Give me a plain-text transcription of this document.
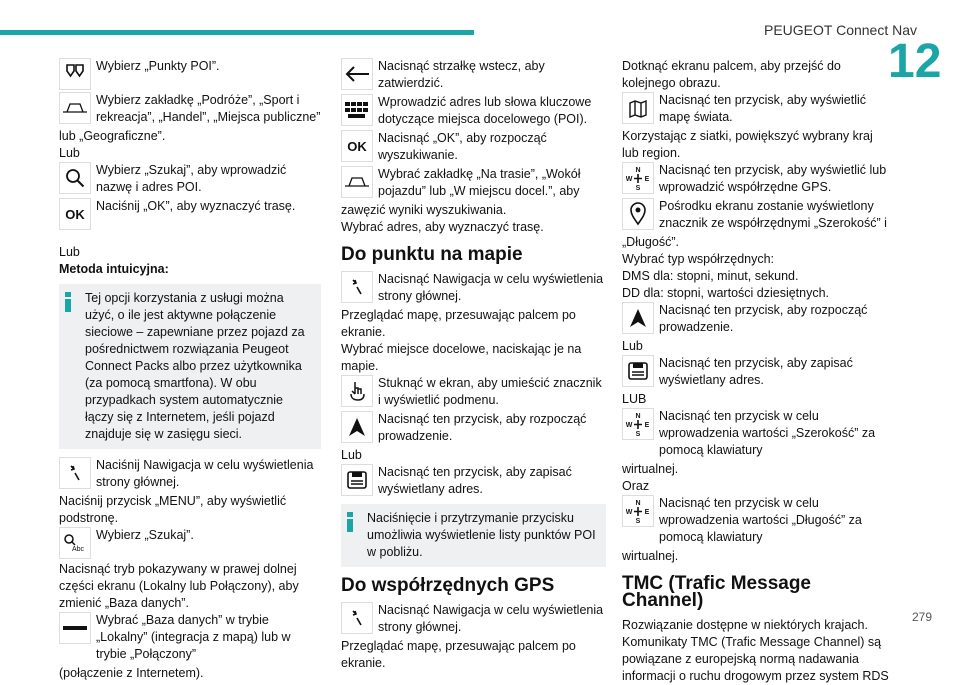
PEUGEOT Connect Nav
12
Wybierz „Punkty POI”.
Wybierz zakładkę „Podróże”, „Sport i rekreacja”, „Handel”, „Miejsca publiczne”

lub „Geograficzne”.

Lub

Wybierz „Szukaj”, aby wprowadzić nazwę i adres POI.
OK
Naciśnij „OK”, aby wyznaczyć trasę.

Lub

Metoda intuicyjna:

Tej opcji korzystania z usługi można użyć, o ile jest aktywne połączenie sieciowe – zapewniane przez pojazd za pośrednictwem rozwiązania Peugeot Connect Packs albo przez użytkownika (za pomocą smartfona). W obu przypadkach system automatycznie łączy się z Internetem, jeśli pojazd znajduje się w zasięgu sieci.

Naciśnij Nawigacja w celu wyświetlenia strony głównej.

Naciśnij przycisk „MENU”, aby wyświetlić podstronę.

Abc
Wybierz „Szukaj”.

Nacisnąć tryb pokazywany w prawej dolnej części ekranu (Lokalny lub Połączony), aby zmienić „Baza danych”.

Wybrać „Baza danych” w trybie „Lokalny” (integracja z mapą) lub w trybie „Połączony”

(połączenie z Internetem).

Nacisnąć strzałkę wstecz, aby zatwierdzić.
Wprowadzić adres lub słowa kluczowe dotyczące miejsca docelowego (POI).
OK
Nacisnąć „OK”, aby rozpocząć wyszukiwanie.
Wybrać zakładkę „Na trasie”, „Wokół pojazdu” lub „W miejscu docel.”, aby

zawęzić wyniki wyszukiwania.

Wybrać adres, aby wyznaczyć trasę.

Do punktu na mapie
Nacisnąć Nawigacja w celu wyświetlenia strony głównej.

Przeglądać mapę, przesuwając palcem po ekranie.

Wybrać miejsce docelowe, naciskając je na mapie.

Stuknąć w ekran, aby umieścić znacznik i wyświetlić podmenu.
Nacisnąć ten przycisk, aby rozpocząć prowadzenie.

Lub

Nacisnąć ten przycisk, aby zapisać wyświetlany adres.

Naciśnięcie i przytrzymanie przycisku umożliwia wyświetlenie listy punktów POI w pobliżu.

Do współrzędnych GPS
Nacisnąć Nawigacja w celu wyświetlenia strony głównej.

Przeglądać mapę, przesuwając palcem po ekranie.

Dotknąć ekranu palcem, aby przejść do kolejnego obrazu.

Nacisnąć ten przycisk, aby wyświetlić mapę świata.

Korzystając z siatki, powiększyć wybrany kraj lub region.

N
S
W E
Nacisnąć ten przycisk, aby wyświetlić lub wprowadzić współrzędne GPS.
Pośrodku ekranu zostanie wyświetlony znacznik ze współrzędnymi „Szerokość” i

„Długość”.

Wybrać typ współrzędnych:

DMS dla: stopni, minut, sekund.

DD dla: stopni, wartości dziesiętnych.

Nacisnąć ten przycisk, aby rozpocząć prowadzenie.

Lub

Nacisnąć ten przycisk, aby zapisać wyświetlany adres.

LUB

N
S
W E
Nacisnąć ten przycisk w celu wprowadzenia wartości „Szerokość” za pomocą klawiatury

wirtualnej.

Oraz

N
S
W E
Nacisnąć ten przycisk w celu wprowadzenia wartości „Długość” za pomocą klawiatury

wirtualnej.

TMC (Trafic Message Channel)

Rozwiązanie dostępne w niektórych krajach.

Komunikaty TMC (Trafic Message Channel) są powiązane z europejską normą nadawania informacji o ruchu drogowym przez system RDS

279
